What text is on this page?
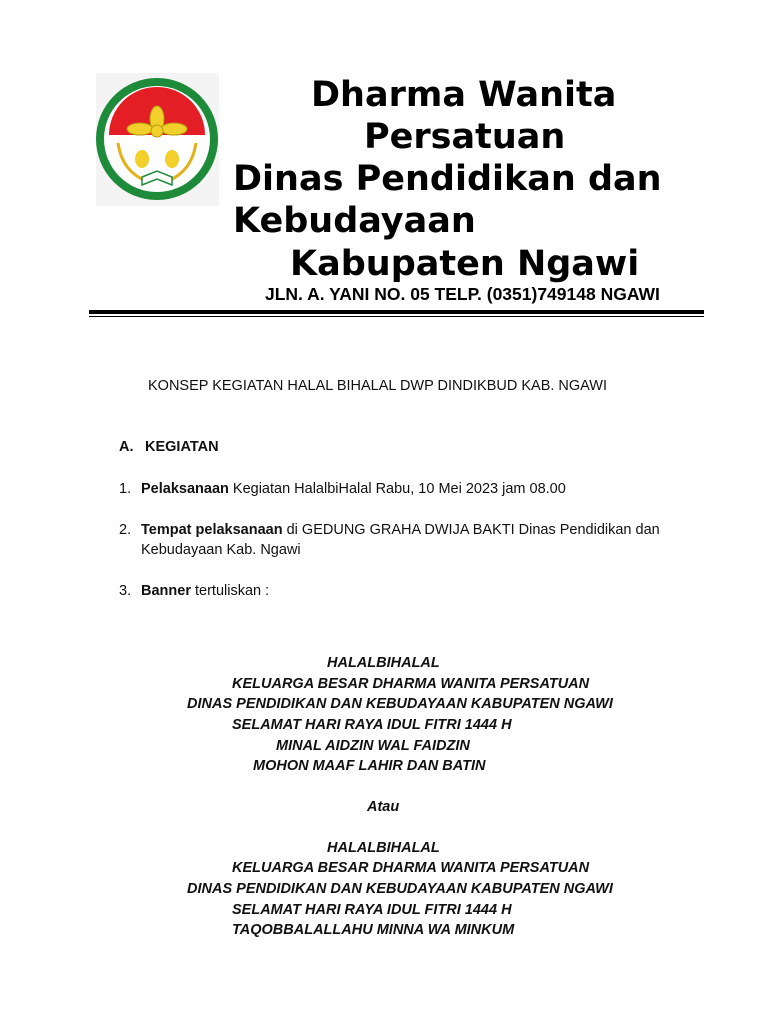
Dharma Wanita
Persatuan
Dinas Pendidikan dan
Kebudayaan
Kabupaten Ngawi
JLN. A. YANI NO. 05 TELP. (0351)749148 NGAWI
KONSEP KEGIATAN HALAL BIHALAL DWP DINDIKBUD KAB. NGAWI
A. KEGIATAN
1. Pelaksanaan Kegiatan HalalbiHalal Rabu, 10 Mei 2023 jam 08.00
2. Tempat pelaksanaan di GEDUNG GRAHA DWIJA BAKTI Dinas Pendidikan dan
Kebudayaan Kab. Ngawi
3. Banner tertuliskan :
HALALBIHALAL
KELUARGA BESAR DHARMA WANITA PERSATUAN
DINAS PENDIDIKAN DAN KEBUDAYAAN KABUPATEN NGAWI
SELAMAT HARI RAYA IDUL FITRI 1444 H
MINAL AIDZIN WAL FAIDZIN
MOHON MAAF LAHIR DAN BATIN
Atau
HALALBIHALAL
KELUARGA BESAR DHARMA WANITA PERSATUAN
DINAS PENDIDIKAN DAN KEBUDAYAAN KABUPATEN NGAWI
SELAMAT HARI RAYA IDUL FITRI 1444 H
TAQOBBALALLAHU MINNA WA MINKUM
